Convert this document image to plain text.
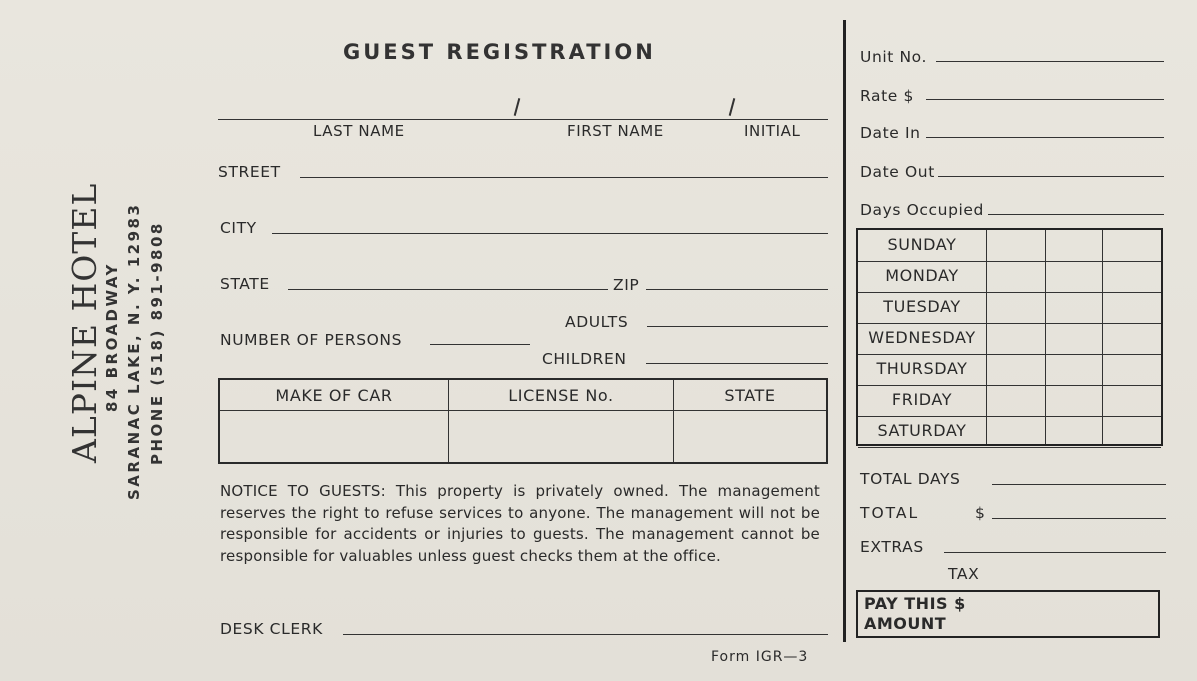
ALPINE HOTEL 84 BROADWAY SARANAC LAKE, N. Y. 12983 PHONE (518) 891-9808
GUEST REGISTRATION
LAST NAME	FIRST NAME	INITIAL
STREET
CITY
STATE	ZIP
ADULTS
NUMBER OF PERSONS
CHILDREN
MAKE OF CAR	LICENSE No.	STATE
NOTICE TO GUESTS: This property is privately owned. The management reserves the right to refuse services to anyone. The management will not be responsible for accidents or injuries to guests. The management cannot be responsible for valuables unless guest checks them at the office.
DESK CLERK
Form IGR—3
Unit No.
Rate $
Date In
Date Out
Days Occupied
SUNDAY
MONDAY
TUESDAY
WEDNESDAY
THURSDAY
FRIDAY
SATURDAY
TOTAL DAYS
TOTAL	$
EXTRAS
TAX
PAY THIS $
AMOUNT
